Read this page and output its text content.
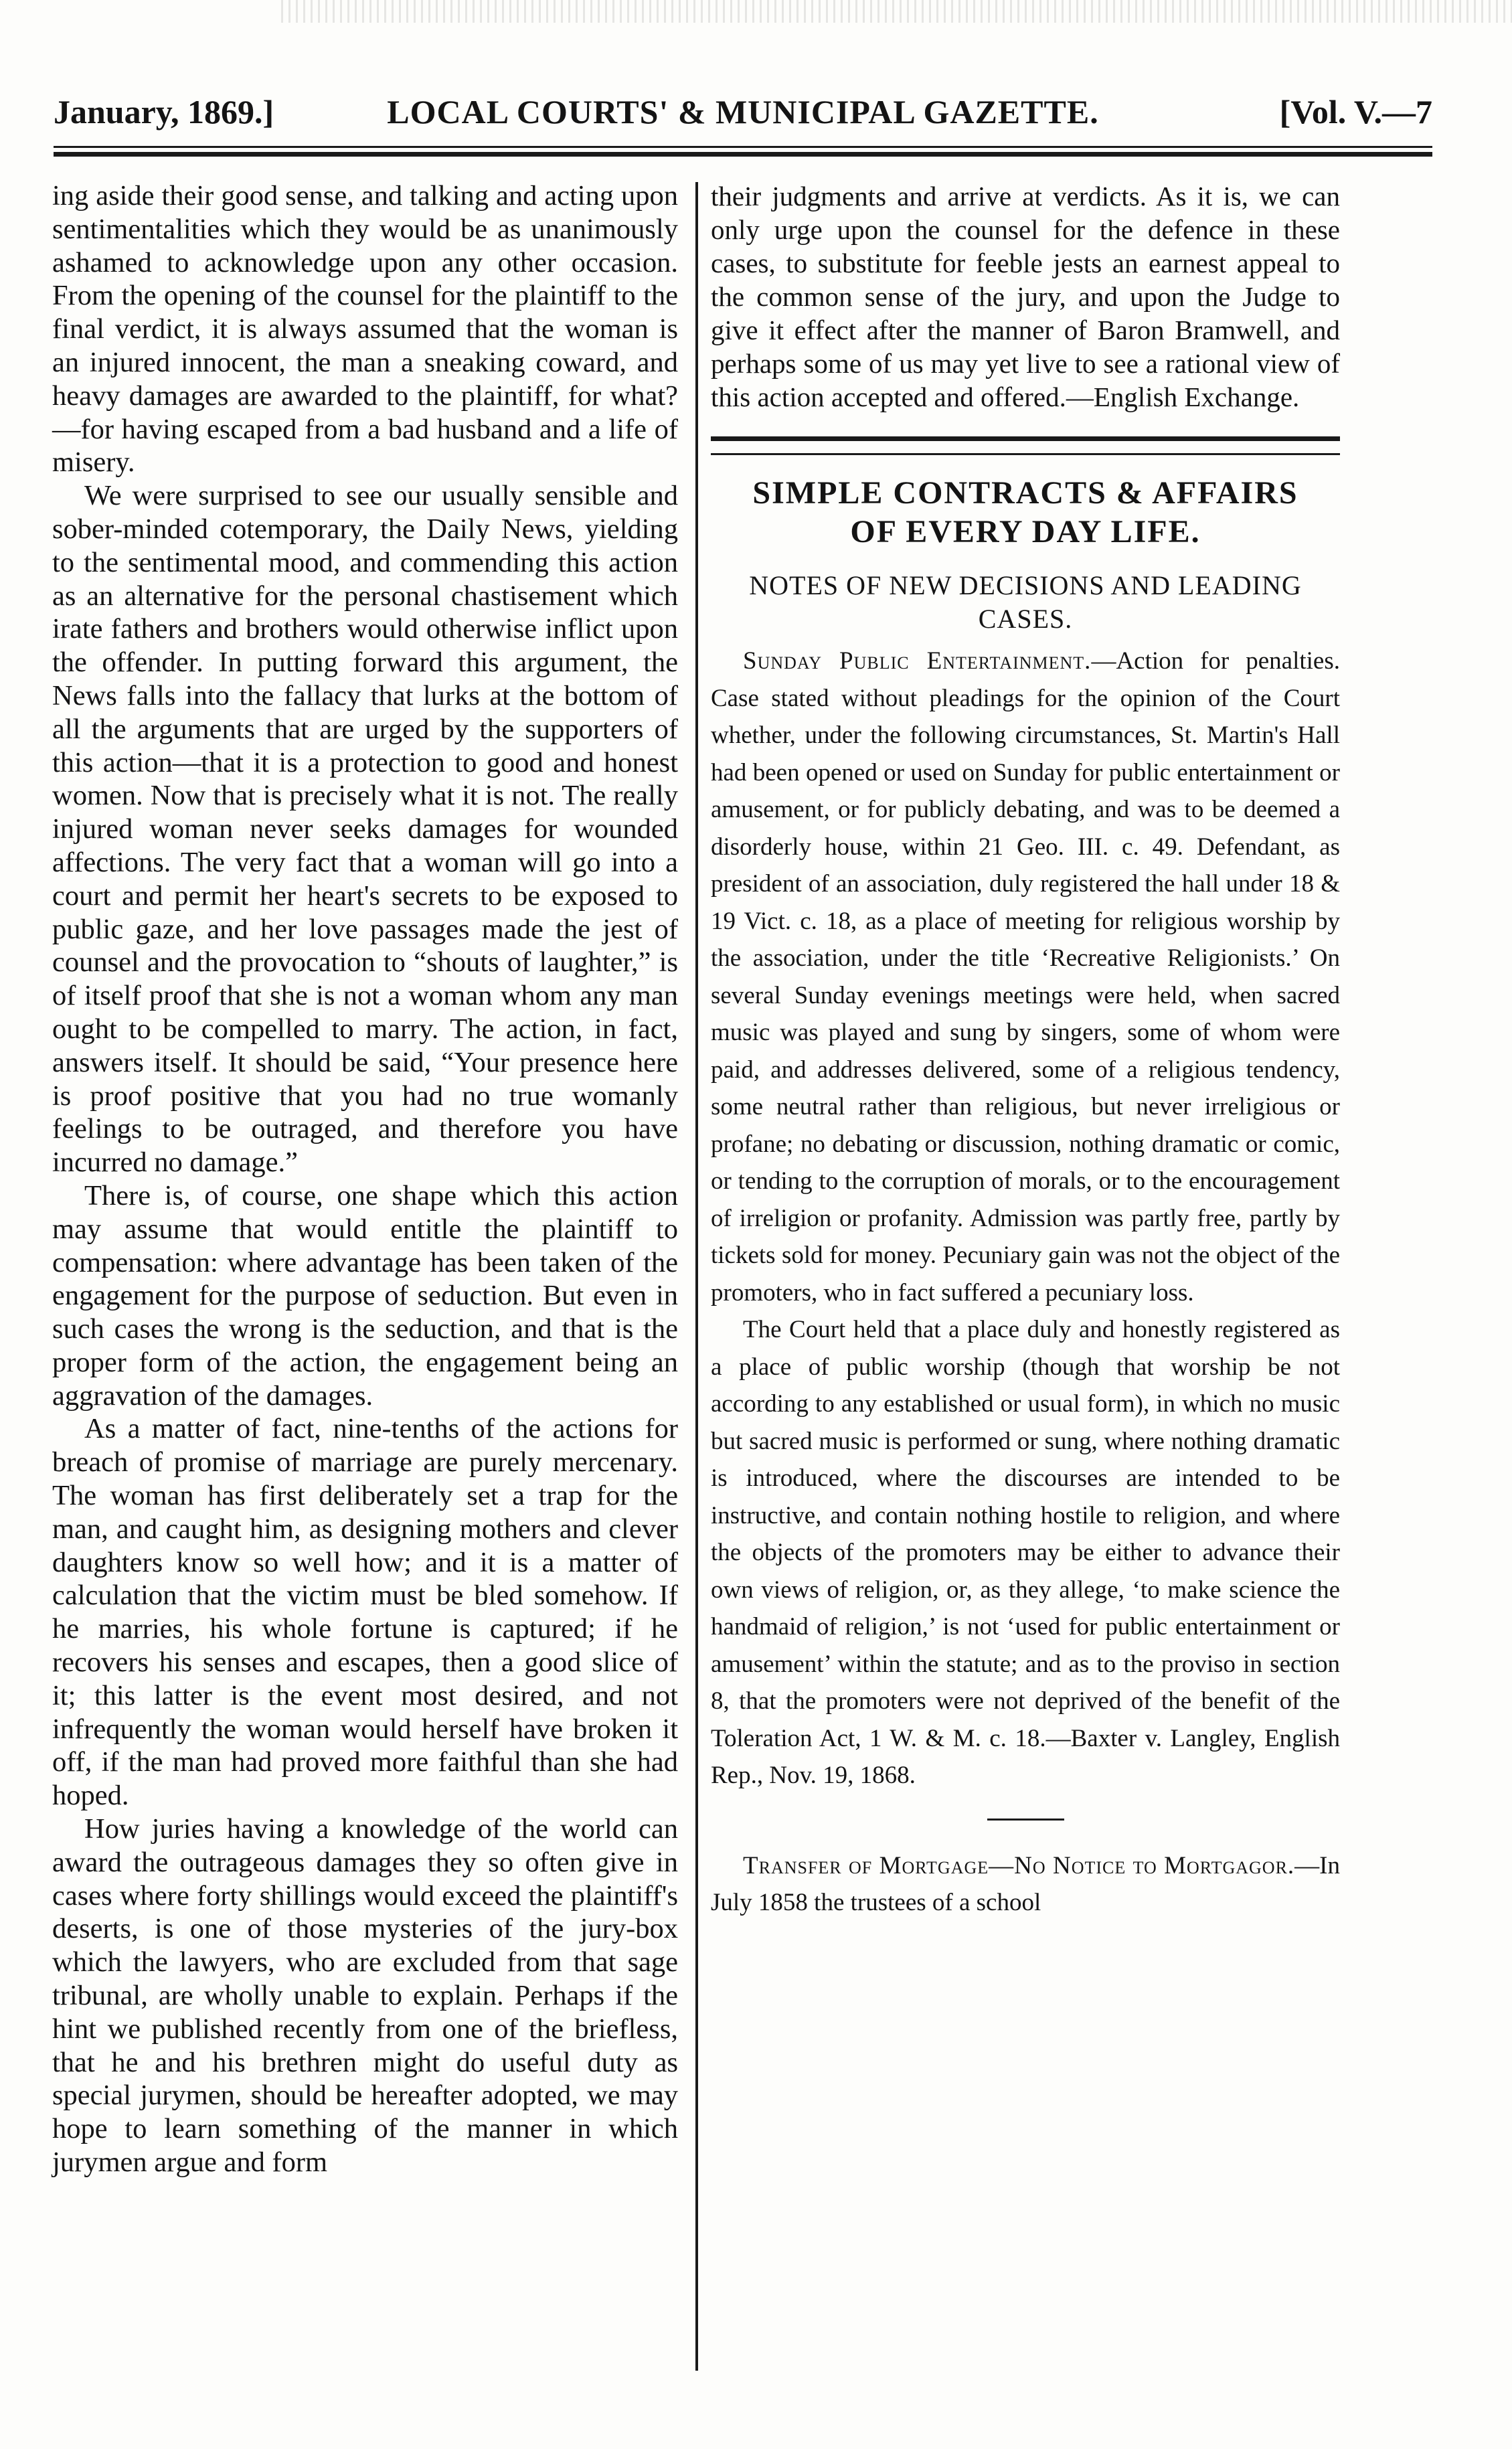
January, 1869.]	LOCAL COURTS' & MUNICIPAL GAZETTE.	[Vol. V.—7

ing aside their good sense, and talking and acting upon sentimentalities which they would be as unanimously ashamed to acknowledge upon any other occasion. From the opening of the counsel for the plaintiff to the final verdict, it is always assumed that the woman is an injured innocent, the man a sneaking coward, and heavy damages are awarded to the plaintiff, for what?—for having escaped from a bad husband and a life of misery.

We were surprised to see our usually sensible and sober-minded cotemporary, the Daily News, yielding to the sentimental mood, and commending this action as an alternative for the personal chastisement which irate fathers and brothers would otherwise inflict upon the offender. In putting forward this argument, the News falls into the fallacy that lurks at the bottom of all the arguments that are urged by the supporters of this action—that it is a protection to good and honest women. Now that is precisely what it is not. The really injured woman never seeks damages for wounded affections. The very fact that a woman will go into a court and permit her heart's secrets to be exposed to public gaze, and her love passages made the jest of counsel and the provocation to “shouts of laughter,” is of itself proof that she is not a woman whom any man ought to be compelled to marry. The action, in fact, answers itself. It should be said, “Your presence here is proof positive that you had no true womanly feelings to be outraged, and therefore you have incurred no damage.”

There is, of course, one shape which this action may assume that would entitle the plaintiff to compensation: where advantage has been taken of the engagement for the purpose of seduction. But even in such cases the wrong is the seduction, and that is the proper form of the action, the engagement being an aggravation of the damages.

As a matter of fact, nine-tenths of the actions for breach of promise of marriage are purely mercenary. The woman has first deliberately set a trap for the man, and caught him, as designing mothers and clever daughters know so well how; and it is a matter of calculation that the victim must be bled somehow. If he marries, his whole fortune is captured; if he recovers his senses and escapes, then a good slice of it; this latter is the event most desired, and not infrequently the woman would herself have broken it off, if the man had proved more faithful than she had hoped.

How juries having a knowledge of the world can award the outrageous damages they so often give in cases where forty shillings would exceed the plaintiff's deserts, is one of those mysteries of the jury-box which the lawyers, who are excluded from that sage tribunal, are wholly unable to explain. Perhaps if the hint we published recently from one of the briefless, that he and his brethren might do useful duty as special jurymen, should be hereafter adopted, we may hope to learn something of the manner in which jurymen argue and form

their judgments and arrive at verdicts. As it is, we can only urge upon the counsel for the defence in these cases, to substitute for feeble jests an earnest appeal to the common sense of the jury, and upon the Judge to give it effect after the manner of Baron Bramwell, and perhaps some of us may yet live to see a rational view of this action accepted and offered.—English Exchange.

SIMPLE CONTRACTS & AFFAIRS

OF EVERY DAY LIFE.

NOTES OF NEW DECISIONS AND LEADING CASES.

Sunday Public Entertainment.—Action for penalties. Case stated without pleadings for the opinion of the Court whether, under the following circumstances, St. Martin's Hall had been opened or used on Sunday for public entertainment or amusement, or for publicly debating, and was to be deemed a disorderly house, within 21 Geo. III. c. 49. Defendant, as president of an association, duly registered the hall under 18 & 19 Vict. c. 18, as a place of meeting for religious worship by the association, under the title ‘Recreative Religionists.’ On several Sunday evenings meetings were held, when sacred music was played and sung by singers, some of whom were paid, and addresses delivered, some of a religious tendency, some neutral rather than religious, but never irreligious or profane; no debating or discussion, nothing dramatic or comic, or tending to the corruption of morals, or to the encouragement of irreligion or profanity. Admission was partly free, partly by tickets sold for money. Pecuniary gain was not the object of the promoters, who in fact suffered a pecuniary loss.

The Court held that a place duly and honestly registered as a place of public worship (though that worship be not according to any established or usual form), in which no music but sacred music is performed or sung, where nothing dramatic is introduced, where the discourses are intended to be instructive, and contain nothing hostile to religion, and where the objects of the promoters may be either to advance their own views of religion, or, as they allege, ‘to make science the handmaid of religion,’ is not ‘used for public entertainment or amusement’ within the statute; and as to the proviso in section 8, that the promoters were not deprived of the benefit of the Toleration Act, 1 W. & M. c. 18.—Baxter v. Langley, English Rep., Nov. 19, 1868.

Transfer of Mortgage—No Notice to Mortgagor.—In July 1858 the trustees of a school
